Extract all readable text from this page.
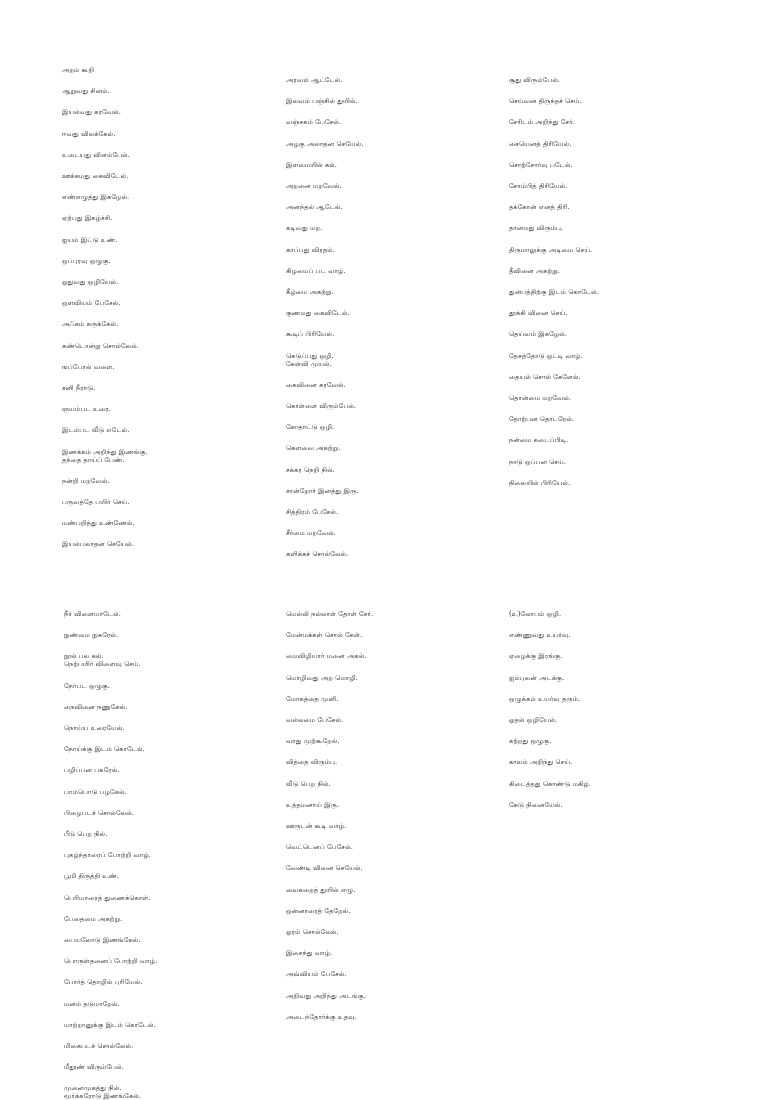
அறம் கூறி
ஆறுவது சினம்.
இயல்வது கரவேல்.
ஈவது விலக்கேல்.
உடையது விளம்பேல்.
ஊக்கமது கைவிடேல்.
எண்எழுத்து இகழேல்.
ஏற்பது இகழ்ச்சி.
ஐயம் இட்டு உண்.
ஒப்புரவு ஒழுகு.
ஓதுவது ஒழியேல்.
ஒளவியம் பேசேல்.
அஃகம் சுருக்கேல்.
கண்டொன்று சொல்லேல்.
ஙப்போல் வளை.
சனி நீராடு.
ஞயம்பட உரை.
இடம்பட வீடு எடேல்.
இணக்கம் அறிந்து இணங்கு.
தந்தை தாய்ப் பேண்.
நன்றி மறவேல்.
பருவத்தே பயிர் செய்.
மண்பறித்து உண்ணேல்.
இயல்பலாதன செயேல்.
அரவம் ஆட்டேல்.
இலவம் பஞ்சில் துயில்.
வஞ்சகம் பேசேல்.
அழகு அலாதன செயேல்.
இளமையில் கல்.
அறனை மறவேல்.
அனந்தல் ஆடேல்.
கடிவது மற.
காப்பது விரதம்.
கிழமைப் பட வாழ்.
கீழ்மை அகற்று.
குணமது கைவிடேல்.
கூடிப் பிரியேல்.
கெடுப்பது ஒழி.
கேள்வி முயல்.
கைவினை கரவேல்.
கொள்ளை விரும்பேல்.
கோதாட்டு ஒழி.
கௌவை அகற்று.
சக்கர நெறி நில்.
சான்றோர் இனத்து இரு.
சித்திரம் பேசேல்.
சீர்மை மறவேல்.
சுளிக்கச் சொல்லேல்.
சூது விரும்பேல்.
செய்வன திருந்தச் செய்.
சேரிடம் அறிந்து சேர்.
சையெனத் திரியேல்.
சொற்சோர்வு படேல்.
சோம்பித் திரியேல்.
தக்கோன் எனத் திரி.
தானமது விரும்பு.
திருமாலுக்கு அடிமை செய்.
தீவினை அகற்று.
துன்பத்திற்கு இடம் கொடேல்.
தூக்கி வினை செய்.
தெய்வம் இகழேல்.
தேசத்தோடு ஒட்டி வாழ்.
தையல் சொல் கேளேல்.
தொன்மை மறவேல்.
தோற்பன தொடரேல்.
நன்மை கடைப்பிடி.
நாடு ஒப்பன செய்.
நிலையில் பிரியேல்.
நீர் விளையாடேல்.
நுண்மை நுகரேல்.
நூல் பல கல்.
நெற்பயிர் விளைவு செய்.
நேர்பட ஒழுகு.
நைவினை நணுகேல்.
நொய்ய உரையேல்.
நோய்க்கு இடம் கொடேல்.
பழிப்பன பகரேல்.
பாம்பொடு பழகேல்.
பிழைபடச் சொல்லேல்.
பீடு பெற நில்.
புகழ்ந்தாரைப் போற்றி வாழ்.
பூமி திருத்தி உண்.
பெரியாரைத் துணைக்கொள்.
பேதைமை அகற்று.
பையலோடு இணங்கேல்.
பொருள்தனைப் போற்றி வாழ்.
போர்த் தொழில் புரியேல்.
மனம் தடுமாறேல்.
மாற்றானுக்கு இடம் கொடேல்.
மிகைபடச் சொல்லேல்.
மீதூண் விரும்பேல்.
முனைமுகத்து நில்.
மூர்க்கரோடு இணங்கேல்.
மெல்லி நல்லாள் தோள் சேர்.
மேன்மக்கள் சொல் கேள்.
மைவிழியார் மனை அகல்.
மொழிவது அற மொழி.
மோகத்தை முனி.
வல்லமை பேசேல்.
வாது முற்கூறேல்.
வித்தை விரும்பு.
வீடு பெற நில்.
உத்தமனாய் இரு.
ஊருடன் கூடி வாழ்.
வெட்டெனப் பேசேல்.
வேண்டி வினை செயேல்.
வைகறைத் துயில் எழு.
ஒன்னாரைத் தேறேல்.
ஓரம் சொல்லேல்.
இசைந்து வாழ்.
அவ்வியம் பேசேல்.
அறிவது அறிந்து அடங்கு.
அடைந்தோர்க்கு உதவு.
(உ)லோபம் ஒழி.
எண்ணுவது உயர்வு.
ஏழைக்கு இரங்கு.
ஐம்புலன் அடக்கு.
ஒழுக்கம் உயர்வு தரும்.
ஓதல் ஒழியேல்.
கற்றது ஒழுகு.
காலம் அறிந்து செய்.
கிடைத்தது கொண்டு மகிழ்.
கேடு நினையேல்.
